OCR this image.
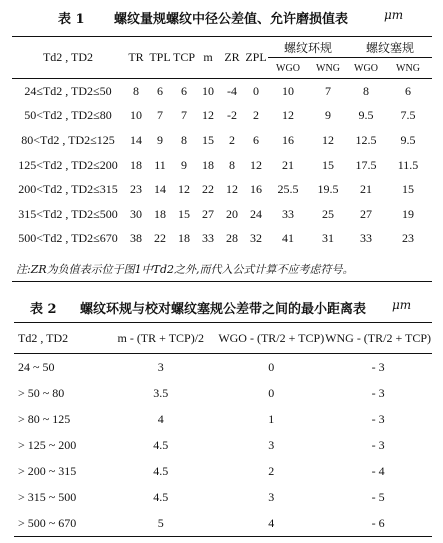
表 1 螺纹量规螺纹中径公差值、允许磨损值表	μm
Td2 , TD2	TR	TPL	TCP	m	ZR	ZPL	螺纹环规		螺纹塞规	
							WGO	WNG	WGO	WNG
24≤Td2 , TD2≤50	8	6	6	10	-4	0	10	7	8	6
50<Td2 , TD2≤80	10	7	7	12	-2	2	12	9	9.5	7.5
80<Td2 , TD2≤125	14	9	8	15	2	6	16	12	12.5	9.5
125<Td2 , TD2≤200	18	11	9	18	8	12	21	15	17.5	11.5
200<Td2 , TD2≤315	23	14	12	22	12	16	25.5	19.5	21	15
315<Td2 , TD2≤500	30	18	15	27	20	24	33	25	27	19
500<Td2 , TD2≤670	38	22	18	33	28	32	41	31	33	23
注:ZR为负值表示位于图1中Td2之外,而代入公式计算不应考虑符号。
表 2 螺纹环规与校对螺纹塞规公差带之间的最小距离表 μm
Td2 , TD2	m - (TR + TCP)/2	WGO - (TR/2 + TCP)	WNG - (TR/2 + TCP)
24 ~ 50	3	0	- 3
> 50 ~ 80	3.5	0	- 3
> 80 ~ 125	4	1	- 3
> 125 ~ 200	4.5	3	- 3
> 200 ~ 315	4.5	2	- 4
> 315 ~ 500	4.5	3	- 5
> 500 ~ 670	5	4	- 6
